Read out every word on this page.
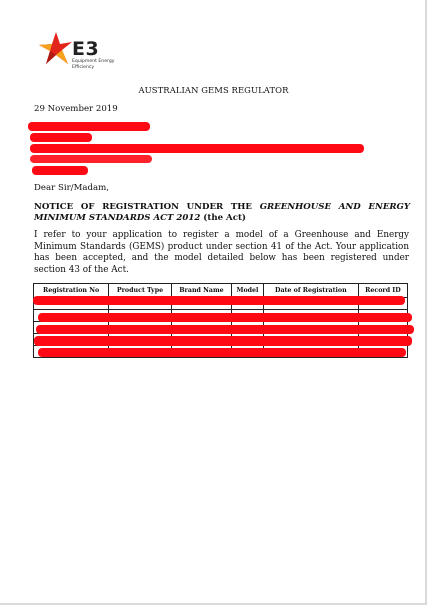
E3
Equipment Energy
Efficiency
AUSTRALIAN GEMS REGULATOR
29 November 2019
Dear Sir/Madam,
NOTICE OF REGISTRATION UNDER THE GREENHOUSE AND ENERGY MINIMUM STANDARDS ACT 2012 (the Act)
I refer to your application to register a model of a Greenhouse and Energy Minimum Standards (GEMS) product under section 41 of the Act. Your application has been accepted, and the model detailed below has been registered under section 43 of the Act.
Registration No	Product Type	Brand Name	Model	Date of Registration	Record ID
